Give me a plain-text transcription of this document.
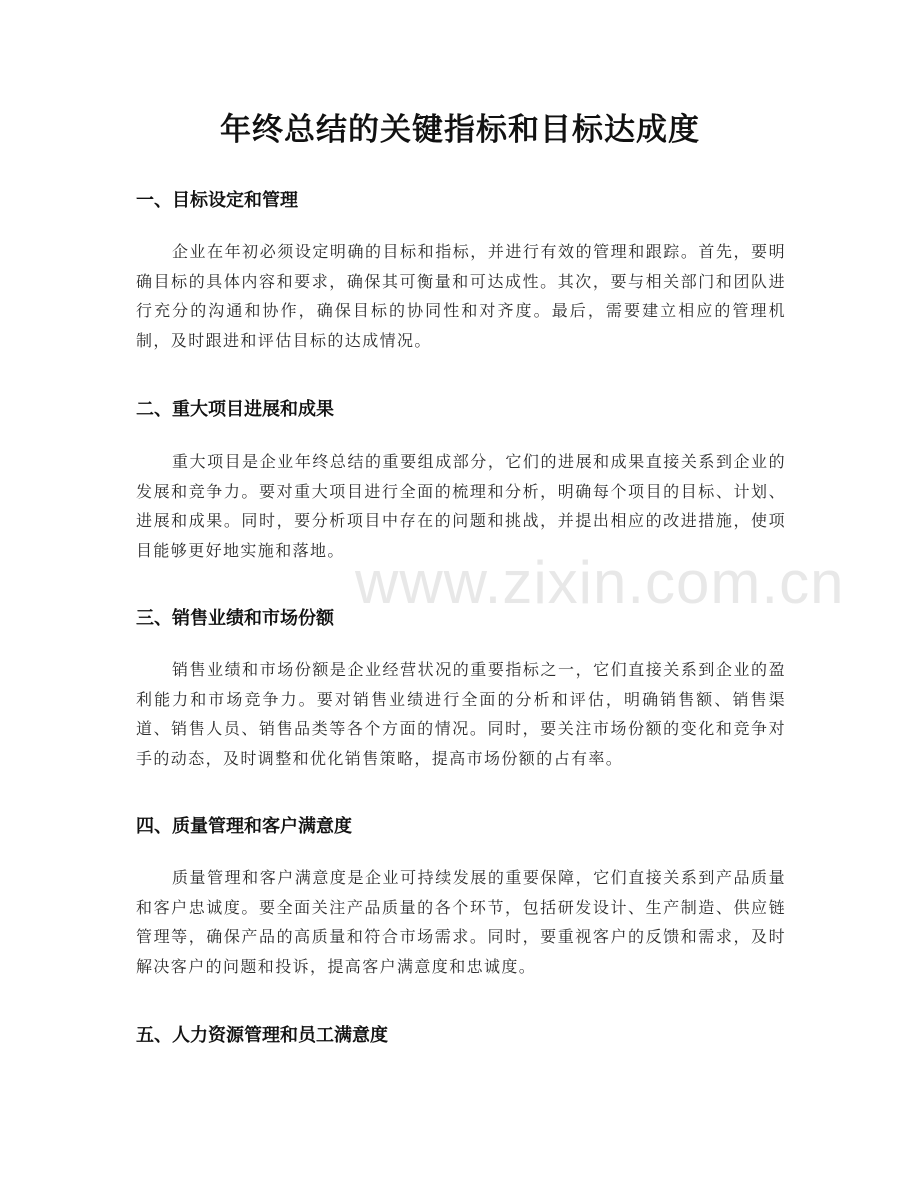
年终总结的关键指标和目标达成度
一、目标设定和管理
企业在年初必须设定明确的目标和指标，并进行有效的管理和跟踪。首先，要明确目标的具体内容和要求，确保其可衡量和可达成性。其次，要与相关部门和团队进行充分的沟通和协作，确保目标的协同性和对齐度。最后，需要建立相应的管理机制，及时跟进和评估目标的达成情况。
二、重大项目进展和成果
重大项目是企业年终总结的重要组成部分，它们的进展和成果直接关系到企业的发展和竞争力。要对重大项目进行全面的梳理和分析，明确每个项目的目标、计划、进展和成果。同时，要分析项目中存在的问题和挑战，并提出相应的改进措施，使项目能够更好地实施和落地。
三、销售业绩和市场份额
销售业绩和市场份额是企业经营状况的重要指标之一，它们直接关系到企业的盈利能力和市场竞争力。要对销售业绩进行全面的分析和评估，明确销售额、销售渠道、销售人员、销售品类等各个方面的情况。同时，要关注市场份额的变化和竞争对手的动态，及时调整和优化销售策略，提高市场份额的占有率。
四、质量管理和客户满意度
质量管理和客户满意度是企业可持续发展的重要保障，它们直接关系到产品质量和客户忠诚度。要全面关注产品质量的各个环节，包括研发设计、生产制造、供应链管理等，确保产品的高质量和符合市场需求。同时，要重视客户的反馈和需求，及时解决客户的问题和投诉，提高客户满意度和忠诚度。
五、人力资源管理和员工满意度
www.zixin.com.cn
